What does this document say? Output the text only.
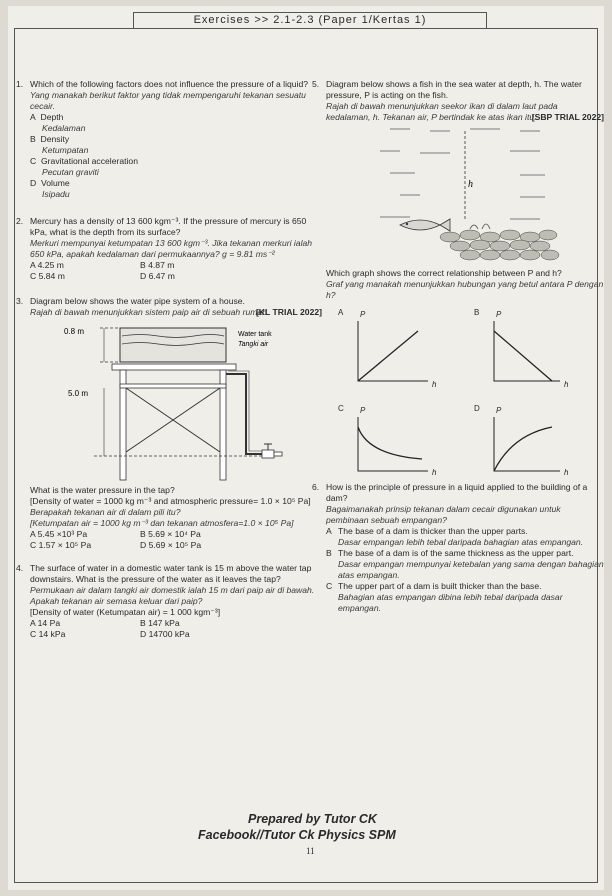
Exercises >> 2.1-2.3 (Paper 1/Kertas 1)
1. Which of the following factors does not influence the pressure of a liquid?

Yang manakah berikut faktor yang tidak mempengaruhi tekanan sesuatu cecair.

A Depth

Kedalaman

B Density

Ketumpatan

C Gravitational acceleration

Pecutan graviti

D Volume

Isipadu

2. Mercury has a density of 13 600 kgm⁻³. If the pressure of mercury is 650 kPa, what is the depth from its surface?

Merkuri mempunyai ketumpatan 13 600 kgm⁻³. Jika tekanan merkuri ialah 650 kPa, apakah kedalaman dari permukaannya? g = 9.81 ms⁻²

A 4.25 m	B 4.87 m
C 5.84 m	D 6.47 m
3. Diagram below shows the water pipe system of a house.

Rajah di bawah menunjukkan sistem paip air di sebuah rumah.

[KL TRIAL 2022]

0.8 m
5.0 m
Water tank
Tangki air

What is the water pressure in the tap?

[Density of water = 1000 kg m⁻³ and atmospheric pressure= 1.0 × 10⁵ Pa]

Berapakah tekanan air di dalam pili itu?

[Ketumpatan air = 1000 kg m⁻³ dan tekanan atmosfera=1.0 × 10⁵ Pa]

A 5.45 ×10³ Pa	B 5.69 × 10⁴ Pa
C 1.57 × 10⁵ Pa	D 5.69 × 10⁵ Pa
4. The surface of water in a domestic water tank is 15 m above the water tap downstairs. What is the pressure of the water as it leaves the tap?

Permukaan air dalam tangki air domestik ialah 15 m dari paip air di bawah. Apakah tekanan air semasa keluar dari paip?

[Density of water (Ketumpatan air) = 1 000 kgm⁻³]

A 14 Pa	B 147 kPa
C 14 kPa	D 14700 kPa
5. Diagram below shows a fish in the sea water at depth, h. The water pressure, P is acting on the fish.

Rajah di bawah menunjukkan seekor ikan di dalam laut pada kedalaman, h. Tekanan air, P bertindak ke atas ikan itu.

[SBP TRIAL 2022]

h

Which graph shows the correct relationship between P and h?

Graf yang manakah menunjukkan hubungan yang betul antara P dengan h?

A P
h
B P
h
C P
h
D P
h
6. How is the principle of pressure in a liquid applied to the building of a dam?

Bagaimanakah prinsip tekanan dalam cecair digunakan untuk pembinaan sebuah empangan?

A The base of a dam is thicker than the upper parts.

Dasar empangan lebih tebal daripada bahagian atas empangan.

B The base of a dam is of the same thickness as the upper part.

Dasar empangan mempunyai ketebalan yang sama dengan bahagian atas empangan.

C The upper part of a dam is built thicker than the base.

Bahagian atas empangan dibina lebih tebal daripada dasar empangan.

Prepared by Tutor CK
Facebook//Tutor Ck Physics SPM
11
